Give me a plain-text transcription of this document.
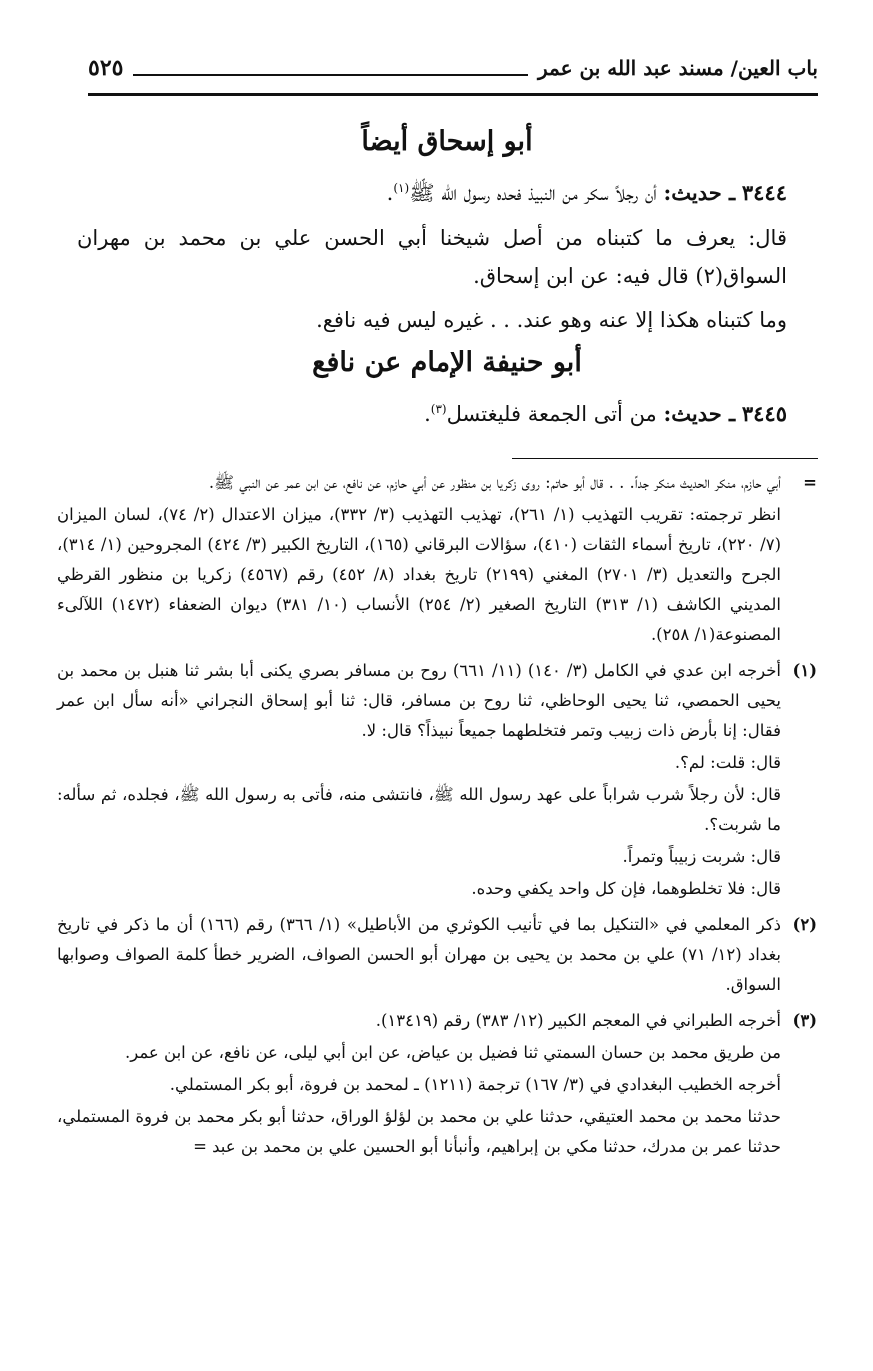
باب العين/ مسند عبد الله بن عمر
٥٢٥
أبو إسحاق أيضاً

٣٤٤٤ ـ حديث: أن رجلاً سكر من النبيذ فحده رسول الله ﷺ$^{(١)}$.

قال: يعرف ما كتبناه من أصل شيخنا أبي الحسن علي بن محمد بن مهران السواق(٢) قال فيه: عن ابن إسحاق.

وما كتبناه هكذا إلا عنه وهو عند. . . غيره ليس فيه نافع.

أبو حنيفة الإمام عن نافع

٣٤٤٥ ـ حديث: من أتى الجمعة فليغتسل$^{(٣)}$.

=

أبي حازم، منكر الحديث منكر جداً. . . قال أبو حاتم: روى زكريا بن منظور عن أبي حازم، عن نافع، عن ابن عمر عن النبي ﷺ.

انظر ترجمته: تقريب التهذيب (١/ ٢٦١)، تهذيب التهذيب (٣/ ٣٣٢)، ميزان الاعتدال (٢/ ٧٤)، لسان الميزان (٧/ ٢٢٠)، تاريخ أسماء الثقات (٤١٠)، سؤالات البرقاني (١٦٥)، التاريخ الكبير (٣/ ٤٢٤) المجروحين (١/ ٣١٤)، الجرح والتعديل (٣/ ٢٧٠١) المغني (٢١٩٩) تاريخ بغداد (٨/ ٤٥٢) رقم (٤٥٦٧) زكريا بن منظور القرظي المديني الكاشف (١/ ٣١٣) التاريخ الصغير (٢/ ٢٥٤) الأنساب (١٠/ ٣٨١) ديوان الضعفاء (١٤٧٢) اللآلىء المصنوعة(١/ ٢٥٨).

(١)

أخرجه ابن عدي في الكامل (٣/ ١٤٠) (١١/ ٦٦١) روح بن مسافر بصري يكنى أبا بشر ثنا هنبل بن محمد بن يحيى الحمصي، ثنا يحيى الوحاظي، ثنا روح بن مسافر، قال: ثنا أبو إسحاق النجراني «أنه سأل ابن عمر فقال: إنا بأرض ذات زبيب وتمر فتخلطهما جميعاً نبيذاً؟ قال: لا.

قال: قلت: لم؟.

قال: لأن رجلاً شرب شراباً على عهد رسول الله ﷺ، فانتشى منه، فأتى به رسول الله ﷺ، فجلده، ثم سأله: ما شربت؟.

قال: شربت زبيباً وتمراً.

قال: فلا تخلطوهما، فإن كل واحد يكفي وحده.

(٢)

ذكر المعلمي في «التنكيل بما في تأنيب الكوثري من الأباطيل» (١/ ٣٦٦) رقم (١٦٦) أن ما ذكر في تاريخ بغداد (١٢/ ٧١) علي بن محمد بن يحيى بن مهران أبو الحسن الصواف، الضرير خطأ كلمة الصواف وصوابها السواق.

(٣)

أخرجه الطبراني في المعجم الكبير (١٢/ ٣٨٣) رقم (١٣٤١٩).

من طريق محمد بن حسان السمتي ثنا فضيل بن عياض، عن ابن أبي ليلى، عن نافع، عن ابن عمر.

أخرجه الخطيب البغدادي في (٣/ ١٦٧) ترجمة (١٢١١) ـ لمحمد بن فروة، أبو بكر المستملي.

حدثنا محمد بن محمد العتيقي، حدثنا علي بن محمد بن لؤلؤ الوراق، حدثنا أبو بكر محمد بن فروة المستملي، حدثنا عمر بن مدرك، حدثنا مكي بن إبراهيم، وأنبأنا أبو الحسين علي بن محمد بن عبد =
